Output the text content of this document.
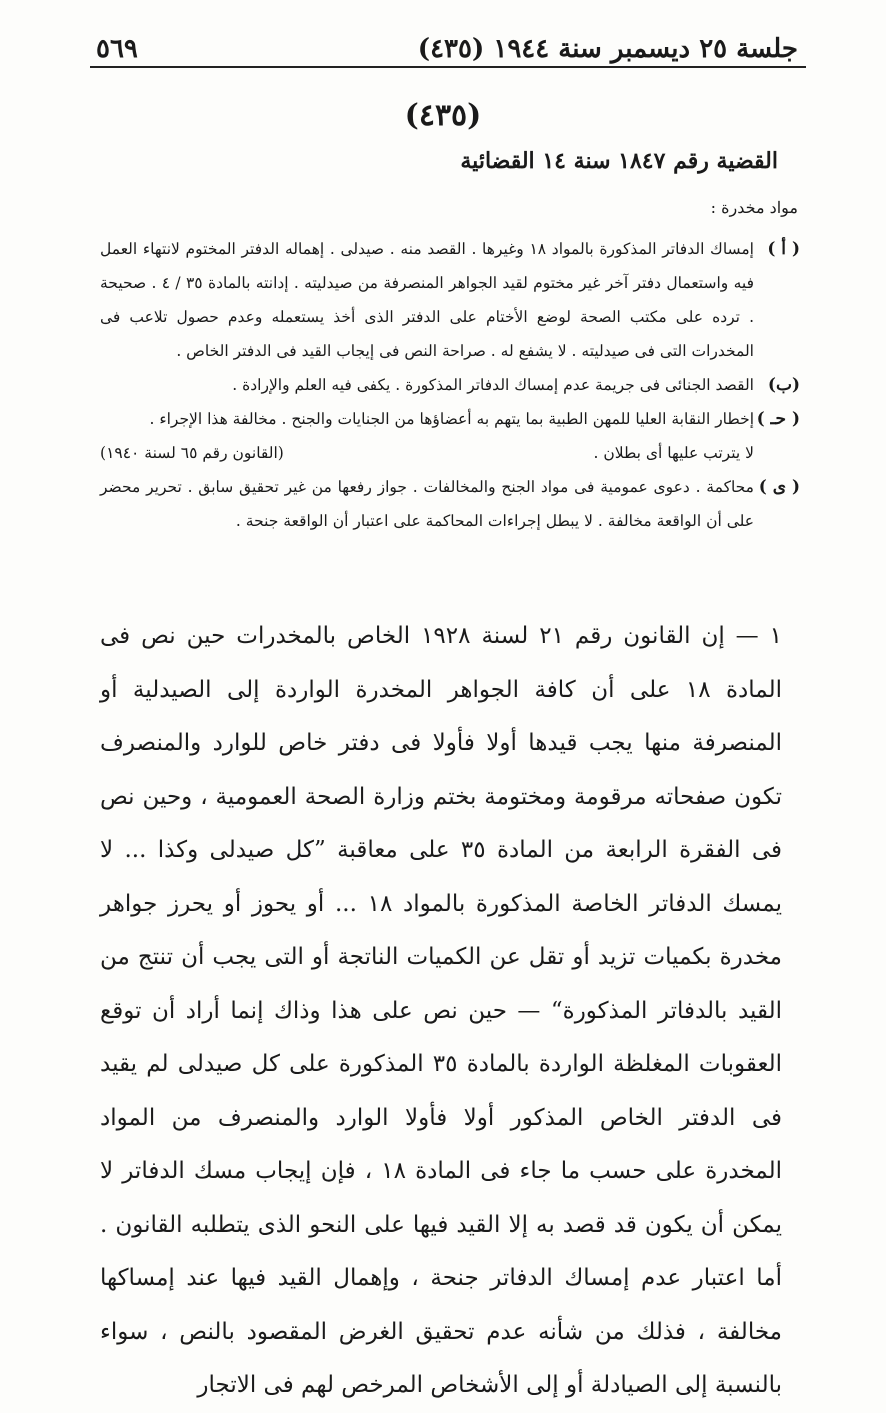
جلسة ٢٥ ديسمبر سنة ١٩٤٤ (٤٣٥)
٥٦٩
(٤٣٥)
القضية رقم ١٨٤٧ سنة ١٤ القضائية
مواد مخدرة :
( أ )
إمساك الدفاتر المذكورة بالمواد ١٨ وغيرها . القصد منه . صيدلى . إهماله الدفتر المختوم لانتهاء العمل فيه واستعمال دفتر آخر غير مختوم لقيد الجواهر المنصرفة من صيدليته . إدانته بالمادة ٣٥ / ٤ . صحيحة . ترده على مكتب الصحة لوضع الأختام على الدفتر الذى أخذ يستعمله وعدم حصول تلاعب فى المخدرات التى فى صيدليته . لا يشفع له . صراحة النص فى إيجاب القيد فى الدفتر الخاص .
(ب)
القصد الجنائى فى جريمة عدم إمساك الدفاتر المذكورة . يكفى فيه العلم والإرادة .
( حـ )
إخطار النقابة العليا للمهن الطبية بما يتهم به أعضاؤها من الجنايات والجنح . مخالفة هذا الإجراء .
لا يترتب عليها أى بطلان .
(القانون رقم ٦٥ لسنة ١٩٤٠)
( ى )
محاكمة . دعوى عمومية فى مواد الجنح والمخالفات . جواز رفعها من غير تحقيق سابق . تحرير محضر على أن الواقعة مخالفة . لا يبطل إجراءات المحاكمة على اعتبار أن الواقعة جنحة .
١ — إن القانون رقم ٢١ لسنة ١٩٢٨ الخاص بالمخدرات حين نص فى المادة ١٨ على أن كافة الجواهر المخدرة الواردة إلى الصيدلية أو المنصرفة منها يجب قيدها أولا فأولا فى دفتر خاص للوارد والمنصرف تكون صفحاته مرقومة ومختومة بختم وزارة الصحة العمومية ، وحين نص فى الفقرة الرابعة من المادة ٣٥ على معاقبة ”كل صيدلى وكذا ... لا يمسك الدفاتر الخاصة المذكورة بالمواد ١٨ ... أو يحوز أو يحرز جواهر مخدرة بكميات تزيد أو تقل عن الكميات الناتجة أو التى يجب أن تنتج من القيد بالدفاتر المذكورة“ — حين نص على هذا وذاك إنما أراد أن توقع العقوبات المغلظة الواردة بالمادة ٣٥ المذكورة على كل صيدلى لم يقيد فى الدفتر الخاص المذكور أولا فأولا الوارد والمنصرف من المواد المخدرة على حسب ما جاء فى المادة ١٨ ، فإن إيجاب مسك الدفاتر لا يمكن أن يكون قد قصد به إلا القيد فيها على النحو الذى يتطلبه القانون . أما اعتبار عدم إمساك الدفاتر جنحة ، وإهمال القيد فيها عند إمساكها مخالفة ، فذلك من شأنه عدم تحقيق الغرض المقصود بالنص ، سواء بالنسبة إلى الصيادلة أو إلى الأشخاص المرخص لهم فى الاتجار
